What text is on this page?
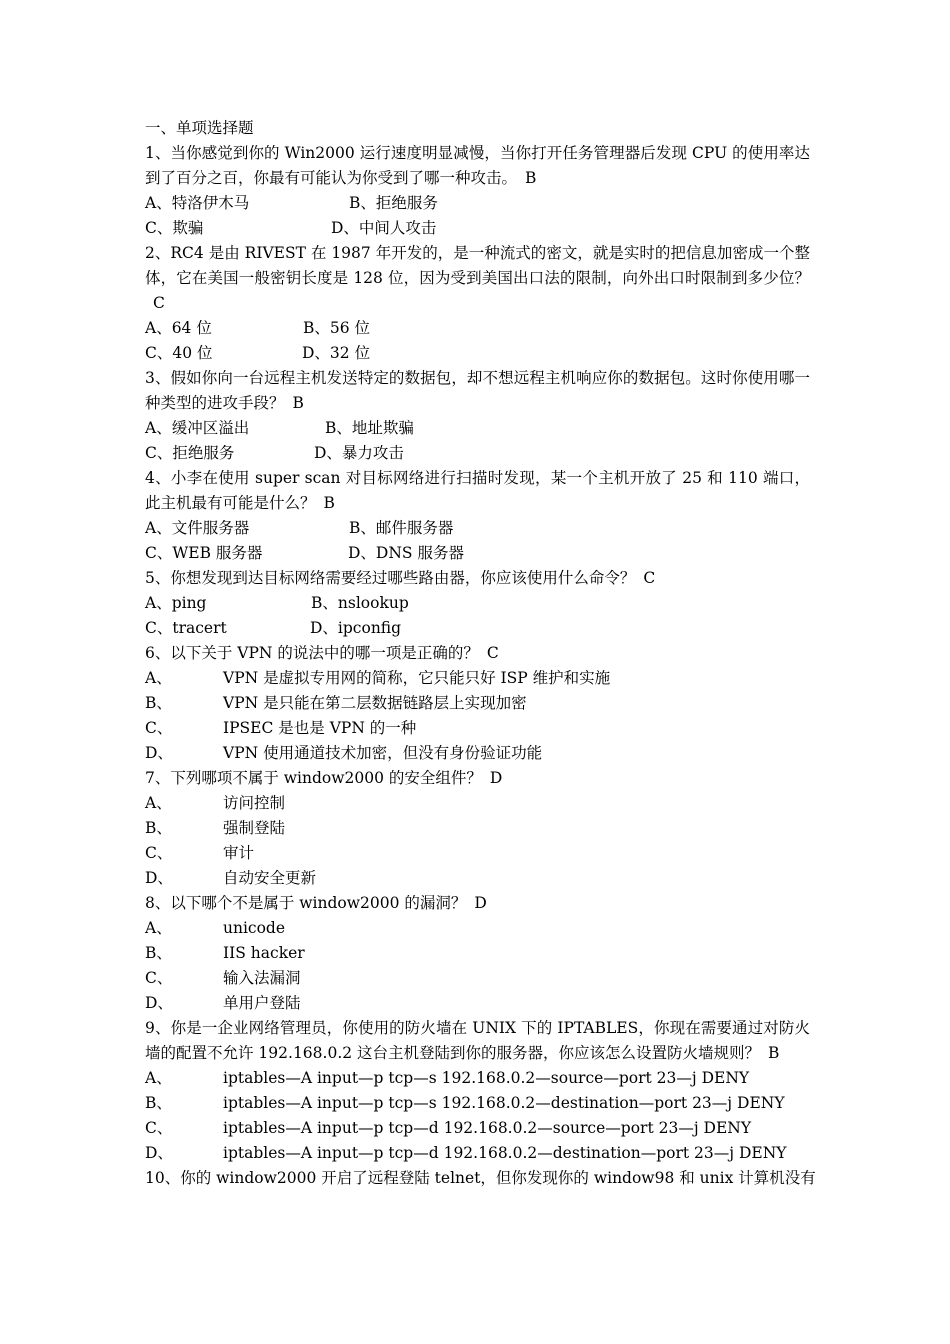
一、单项选择题
1、当你感觉到你的 Win2000 运行速度明显减慢，当你打开任务管理器后发现 CPU 的使用率达到了百分之百，你最有可能认为你受到了哪一种攻击。 B
A、特洛伊木马	B、拒绝服务
C、欺骗	D、中间人攻击
2、RC4 是由 RIVEST 在 1987 年开发的，是一种流式的密文，就是实时的把信息加密成一个整体，它在美国一般密钥长度是 128 位，因为受到美国出口法的限制，向外出口时限制到多少位？C
A、64 位	B、56 位
C、40 位	D、32 位
3、假如你向一台远程主机发送特定的数据包，却不想远程主机响应你的数据包。这时你使用哪一种类型的进攻手段？ B
A、缓冲区溢出	B、地址欺骗
C、拒绝服务	D、暴力攻击
4、小李在使用 super scan 对目标网络进行扫描时发现，某一个主机开放了 25 和 110 端口，此主机最有可能是什么？ B
A、文件服务器	B、邮件服务器
C、WEB 服务器	D、DNS 服务器
5、你想发现到达目标网络需要经过哪些路由器，你应该使用什么命令？ C
A、ping	B、nslookup
C、tracert	D、ipconfig
6、以下关于 VPN 的说法中的哪一项是正确的？ C
A、	VPN 是虚拟专用网的简称，它只能只好 ISP 维护和实施
B、	VPN 是只能在第二层数据链路层上实现加密
C、	IPSEC 是也是 VPN 的一种
D、	VPN 使用通道技术加密，但没有身份验证功能
7、下列哪项不属于 window2000 的安全组件？ D
A、	访问控制
B、	强制登陆
C、	审计
D、	自动安全更新
8、以下哪个不是属于 window2000 的漏洞？ D
A、	unicode
B、	IIS hacker
C、	输入法漏洞
D、	单用户登陆
9、你是一企业网络管理员，你使用的防火墙在 UNIX 下的 IPTABLES，你现在需要通过对防火墙的配置不允许 192.168.0.2 这台主机登陆到你的服务器，你应该怎么设置防火墙规则？ B
A、	iptables—A input—p tcp—s 192.168.0.2—source—port 23—j DENY
B、	iptables—A input—p tcp—s 192.168.0.2—destination—port 23—j DENY
C、	iptables—A input—p tcp—d 192.168.0.2—source—port 23—j DENY
D、	iptables—A input—p tcp—d 192.168.0.2—destination—port 23—j DENY
10、你的 window2000 开启了远程登陆 telnet，但你发现你的 window98 和 unix 计算机没有
